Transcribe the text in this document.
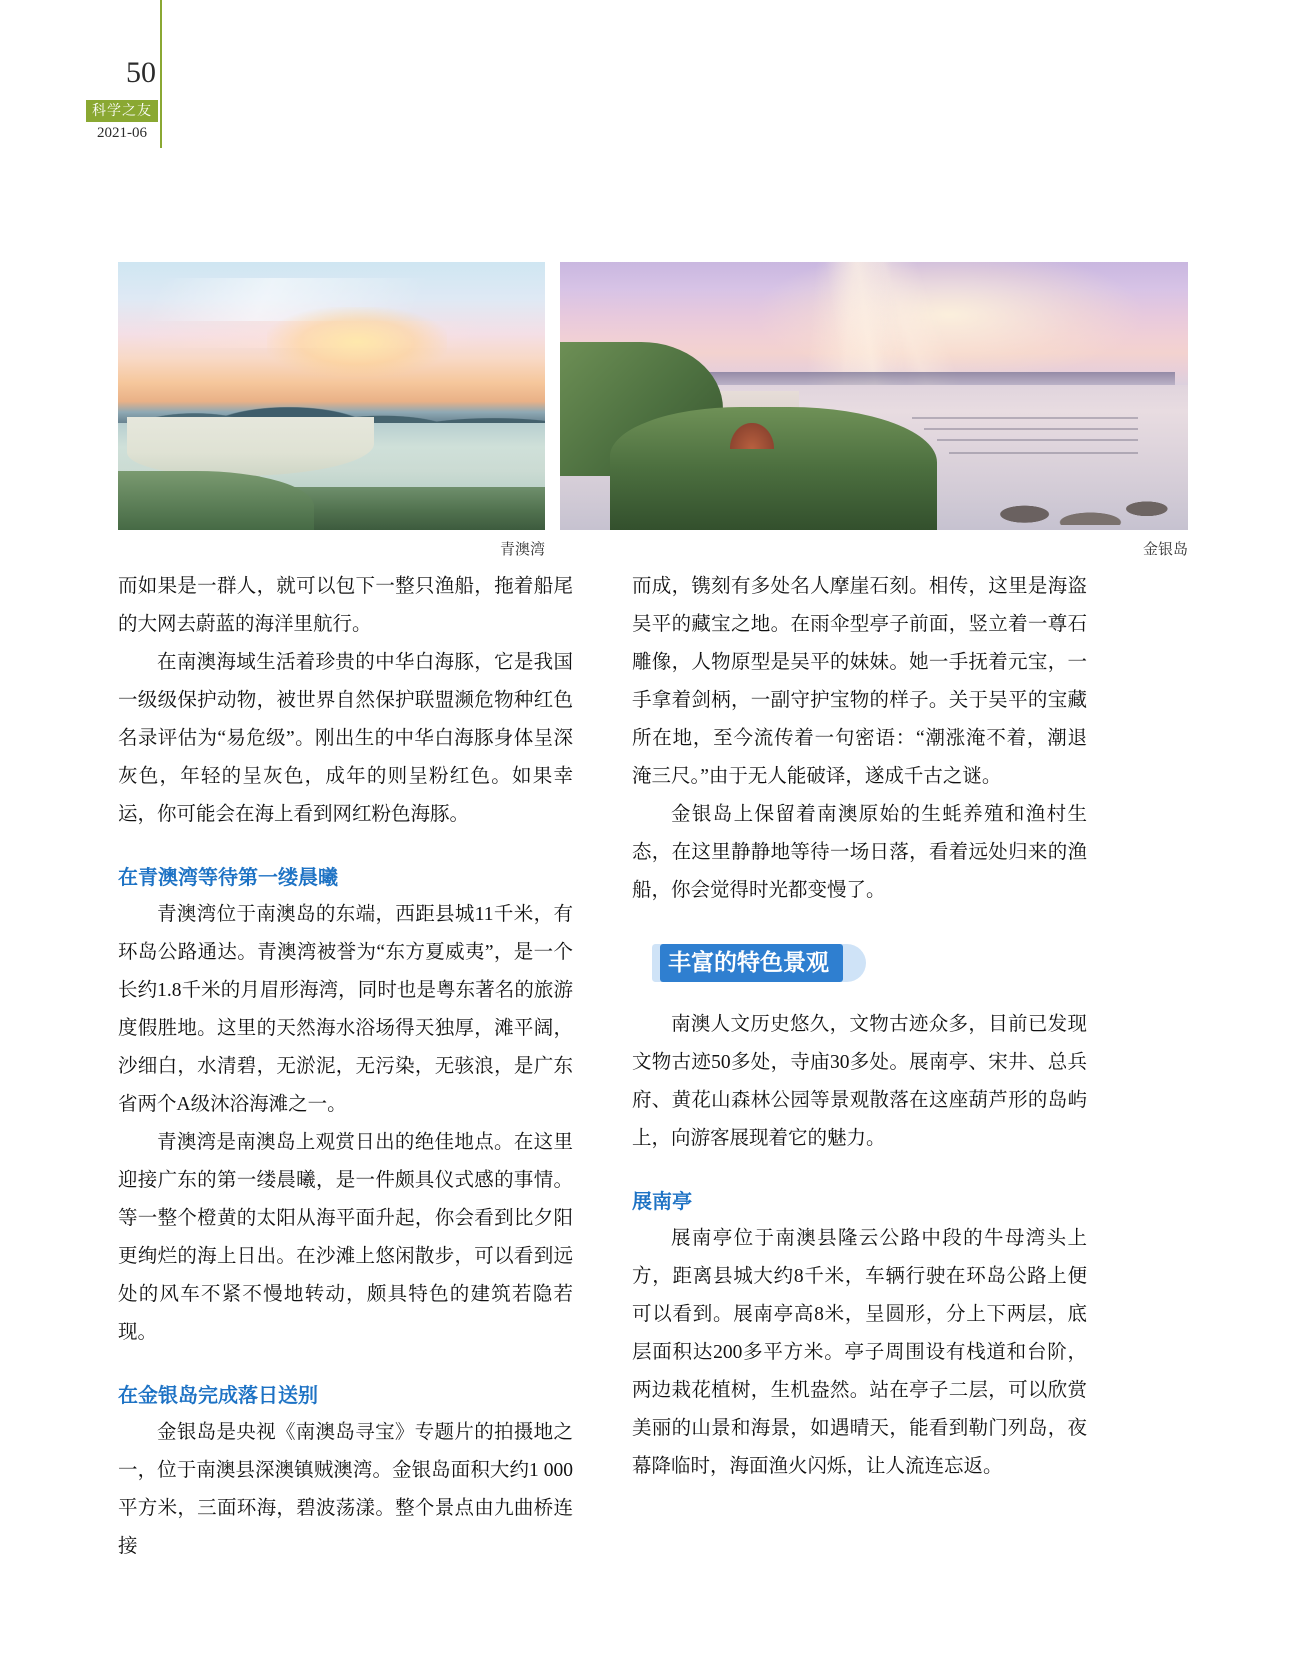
50
科学之友
2021-06
青澳湾	金银岛

而如果是一群人，就可以包下一整只渔船，拖着船尾的大网去蔚蓝的海洋里航行。

在南澳海域生活着珍贵的中华白海豚，它是我国一级级保护动物，被世界自然保护联盟濒危物种红色名录评估为“易危级”。刚出生的中华白海豚身体呈深灰色，年轻的呈灰色，成年的则呈粉红色。如果幸运，你可能会在海上看到网红粉色海豚。

在青澳湾等待第一缕晨曦

青澳湾位于南澳岛的东端，西距县城11千米，有环岛公路通达。青澳湾被誉为“东方夏威夷”，是一个长约1.8千米的月眉形海湾，同时也是粤东著名的旅游度假胜地。这里的天然海水浴场得天独厚，滩平阔，沙细白，水清碧，无淤泥，无污染，无骇浪，是广东省两个A级沐浴海滩之一。

青澳湾是南澳岛上观赏日出的绝佳地点。在这里迎接广东的第一缕晨曦，是一件颇具仪式感的事情。等一整个橙黄的太阳从海平面升起，你会看到比夕阳更绚烂的海上日出。在沙滩上悠闲散步，可以看到远处的风车不紧不慢地转动，颇具特色的建筑若隐若现。

在金银岛完成落日送别

金银岛是央视《南澳岛寻宝》专题片的拍摄地之一，位于南澳县深澳镇贼澳湾。金银岛面积大约1 000平方米，三面环海，碧波荡漾。整个景点由九曲桥连接

而成，镌刻有多处名人摩崖石刻。相传，这里是海盗吴平的藏宝之地。在雨伞型亭子前面，竖立着一尊石雕像，人物原型是吴平的妹妹。她一手抚着元宝，一手拿着剑柄，一副守护宝物的样子。关于吴平的宝藏所在地，至今流传着一句密语：“潮涨淹不着，潮退淹三尺。”由于无人能破译，遂成千古之谜。

金银岛上保留着南澳原始的生蚝养殖和渔村生态，在这里静静地等待一场日落，看着远处归来的渔船，你会觉得时光都变慢了。

丰富的特色景观

南澳人文历史悠久，文物古迹众多，目前已发现文物古迹50多处，寺庙30多处。展南亭、宋井、总兵府、黄花山森林公园等景观散落在这座葫芦形的岛屿上，向游客展现着它的魅力。

展南亭

展南亭位于南澳县隆云公路中段的牛母湾头上方，距离县城大约8千米，车辆行驶在环岛公路上便可以看到。展南亭高8米，呈圆形，分上下两层，底层面积达200多平方米。亭子周围设有栈道和台阶，两边栽花植树，生机盎然。站在亭子二层，可以欣赏美丽的山景和海景，如遇晴天，能看到勒门列岛，夜幕降临时，海面渔火闪烁，让人流连忘返。
